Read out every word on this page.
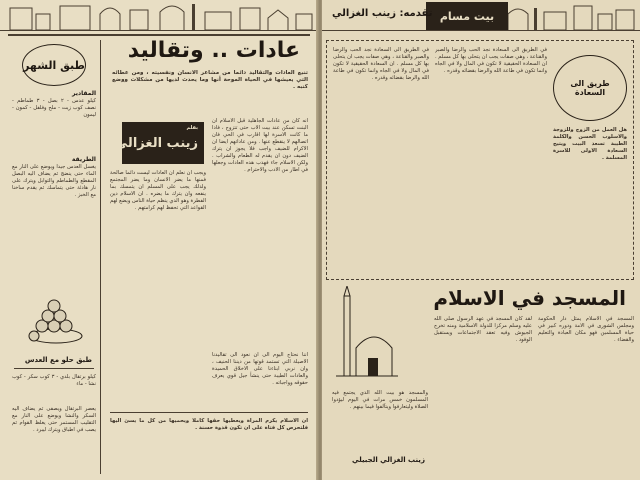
طبق الشهر
المقادير
كيلو عدس - ٢ بصل - ٣ طماطم - نصف كوب زيت - ملح وفلفل - كمون - ليمون
الطريقة
يغسل العدس جيدا ويوضع على النار مع الماء حتى ينضج ثم يضاف اليه البصل المقطع والطماطم والتوابل ويترك على نار هادئة حتى يتماسك ثم يقدم ساخنا مع الخبز .
طبق حلو مع العدس
كيلو برتقال بلدي - ٣ كوب سكر - كوب نشا - ماء
يعصر البرتقال ويصفى ثم يضاف اليه السكر والنشا ويوضع على النار مع التقليب المستمر حتى يغلظ القوام ثم يصب في اطباق ويترك ليبرد .
عادات .. وتقاليد
تنبع العادات والتقاليد دائما من مشاعر الانسان ونفسيته ، ومن عطائه التي يعيشها في الحياة الموحة أنها وما يحدث لديها من مشكلات ووضع كنبه .
بقلم
زينب الغزالي
انه كان من عادات الجاهلية قبل الاسلام ان البنت تسكن عند بيت الاب حتى تتزوج ، فاذا ما كانت الاسرة لها اقارب في الحي فان اتصالهم لا ينقطع عنها . ومن عاداتهم ايضا ان الاكرام للضيف واجب فلا يجوز ان يترك الضيف دون ان يقدم له الطعام والشراب . ولكن الاسلام جاء فهذب هذه العادات وجعلها في اطار من الادب والاحترام .
ويجب ان نعلم ان العادات ليست دائما صالحة فمنها ما يضر الانسان وما يضر المجتمع ولذلك يجب على المسلم ان يتمسك بما ينفعه وان يترك ما يضره . ان الاسلام دين الفطرة وهو الذي ينظم حياة الناس ويضع لهم القواعد التي تحفظ لهم كرامتهم .
اننا نحتاج اليوم الى ان نعود الى تقاليدنا الاصيلة التي تستمد قوتها من ديننا الحنيف ، وان نربي ابناءنا على الاخلاق الحميدة والعادات الطيبة حتى ينشأ جيل قوي يعرف حقوقه وواجباته .
ان الاسلام يكرم المرأة ويعطيها حقها كاملا ويحميها من كل ما يسئ اليها فلتحرص كل فتاة على ان تكون قدوة حسنة .
بيت مسام
تقدمه: زينب الغزالي
طريق الى السعادة
في الطريق الى السعادة نجد الحب والرضا والصبر والقناعة ، وهي صفات يجب ان يتحلى بها كل مسلم . ان السعادة الحقيقية لا تكون في المال ولا في الجاه وانما تكون في طاعة الله والرضا بقضائه وقدره .
في الطريق الى السعادة نجد الحب والرضا والصبر والقناعة ، وهي صفات يجب ان يتحلى بها كل مسلم . ان السعادة الحقيقية لا تكون في المال ولا في الجاه وانما تكون في طاعة الله والرضا بقضائه وقدره .
هل العمل من الزوج وللزوجة والاسلوب الحسن والكلمة الطيبة تسعد البيت ويتيح السعادة الاولى للاسرة المسلمة .
المسجد في الاسلام
المسجد في الاسلام يمثل دار الحكومة ومجلس الشورى في الامة ودوره كبير في حياة المسلمين فهو مكان العبادة والتعليم والقضاء .
لقد كان المسجد في عهد الرسول صلى الله عليه وسلم مركزا للدولة الاسلامية ومنه تخرج الجيوش وفيه تعقد الاجتماعات ويستقبل الوفود .
والمسجد هو بيت الله الذي يجتمع فيه المسلمون خمس مرات في اليوم ليؤدوا الصلاة وليتعارفوا ويتآلفوا فيما بينهم .
زينب الغزالي الجبيلي
